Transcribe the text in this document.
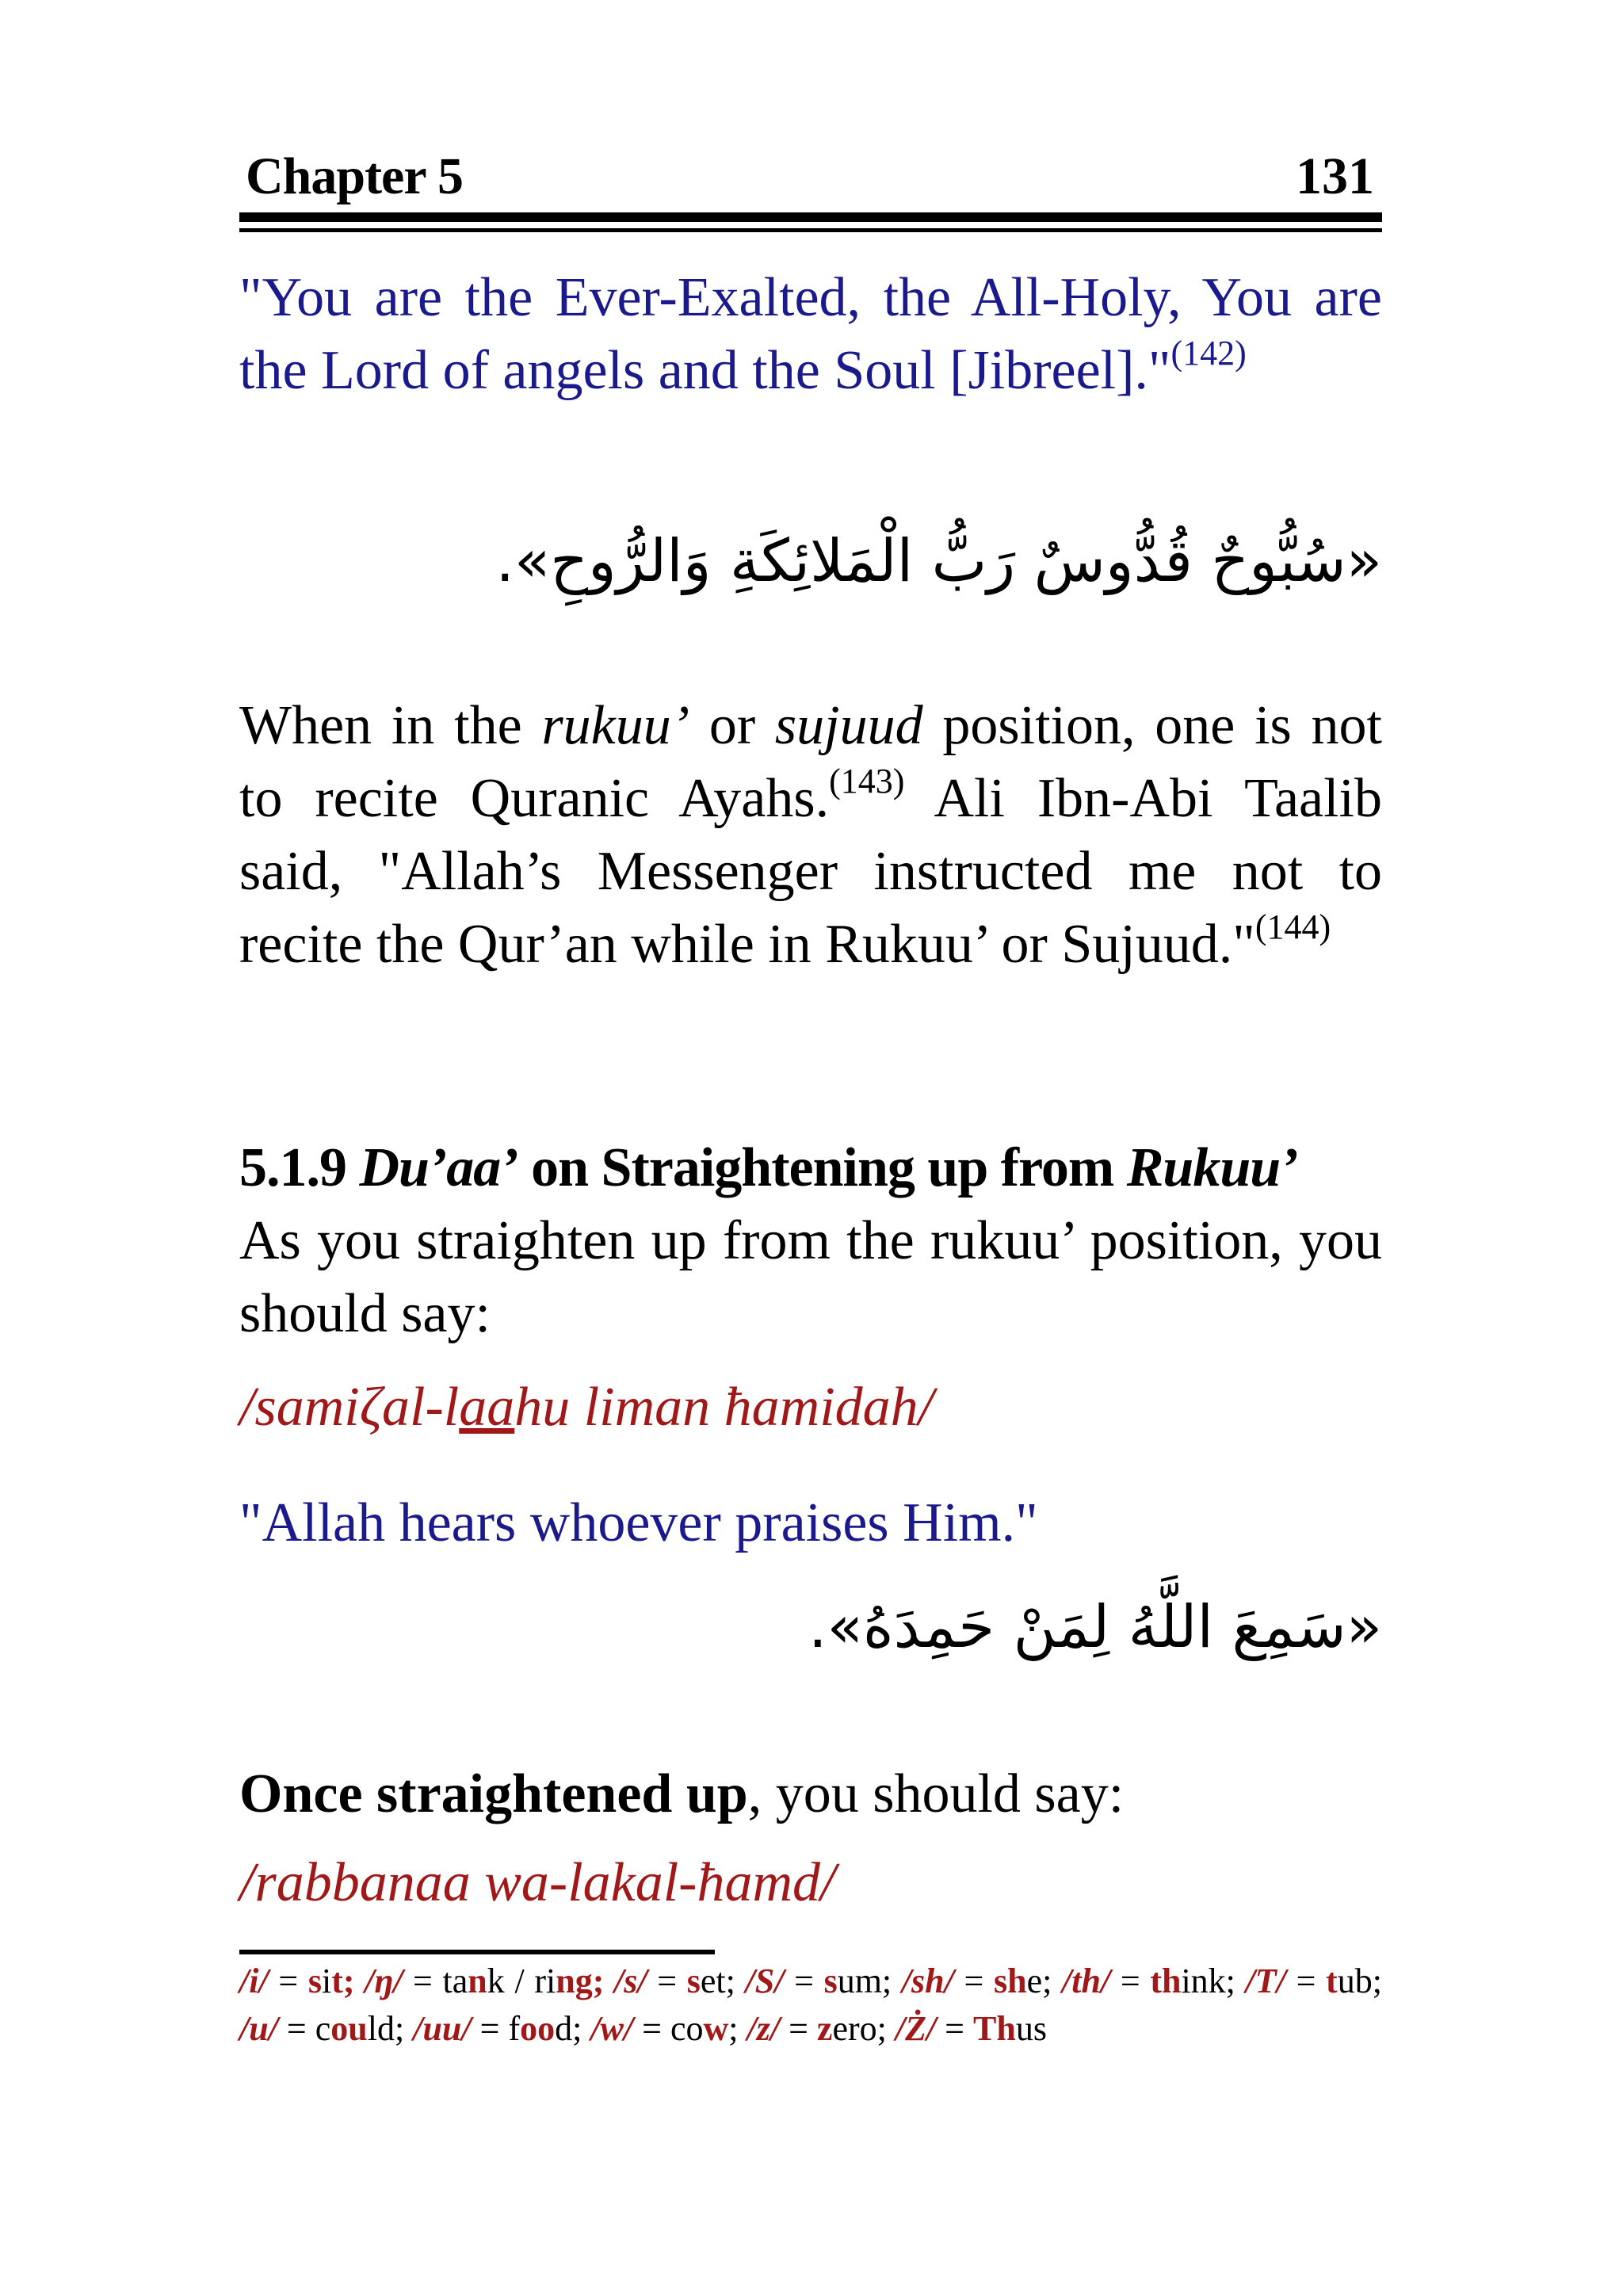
Chapter 5	131
"You are the Ever-Exalted, the All-Holy, You are the Lord of angels and the Soul [Jibreel]."$^{(142)}$
«سُبُّوحٌ قُدُّوسٌ رَبُّ الْمَلائِكَةِ وَالرُّوحِ».
When in the rukuu’ or sujuud position, one is not to recite Quranic Ayahs.$^{(143)}$ Ali Ibn-Abi Taalib said, "Allah’s Messenger instructed me not to recite the Qur’an while in Rukuu’ or Sujuud."$^{(144)}$
5.1.9 Du’aa’ on Straightening up from Rukuu’
As you straighten up from the rukuu’ position, you should say:
/samiζal-laahu liman ħamidah/
"Allah hears whoever praises Him."
«سَمِعَ اللَّهُ لِمَنْ حَمِدَهُ».
Once straightened up, you should say:
/rabbanaa wa-lakal-ħamd/
/i/ = sit; /ŋ/ = tank / ring; /s/ = set; /S/ = sum; /sh/ = she; /th/ = think; /T/ = tub; /u/ = could; /uu/ = food; /w/ = cow; /z/ = zero; /Ż/ = Thus
